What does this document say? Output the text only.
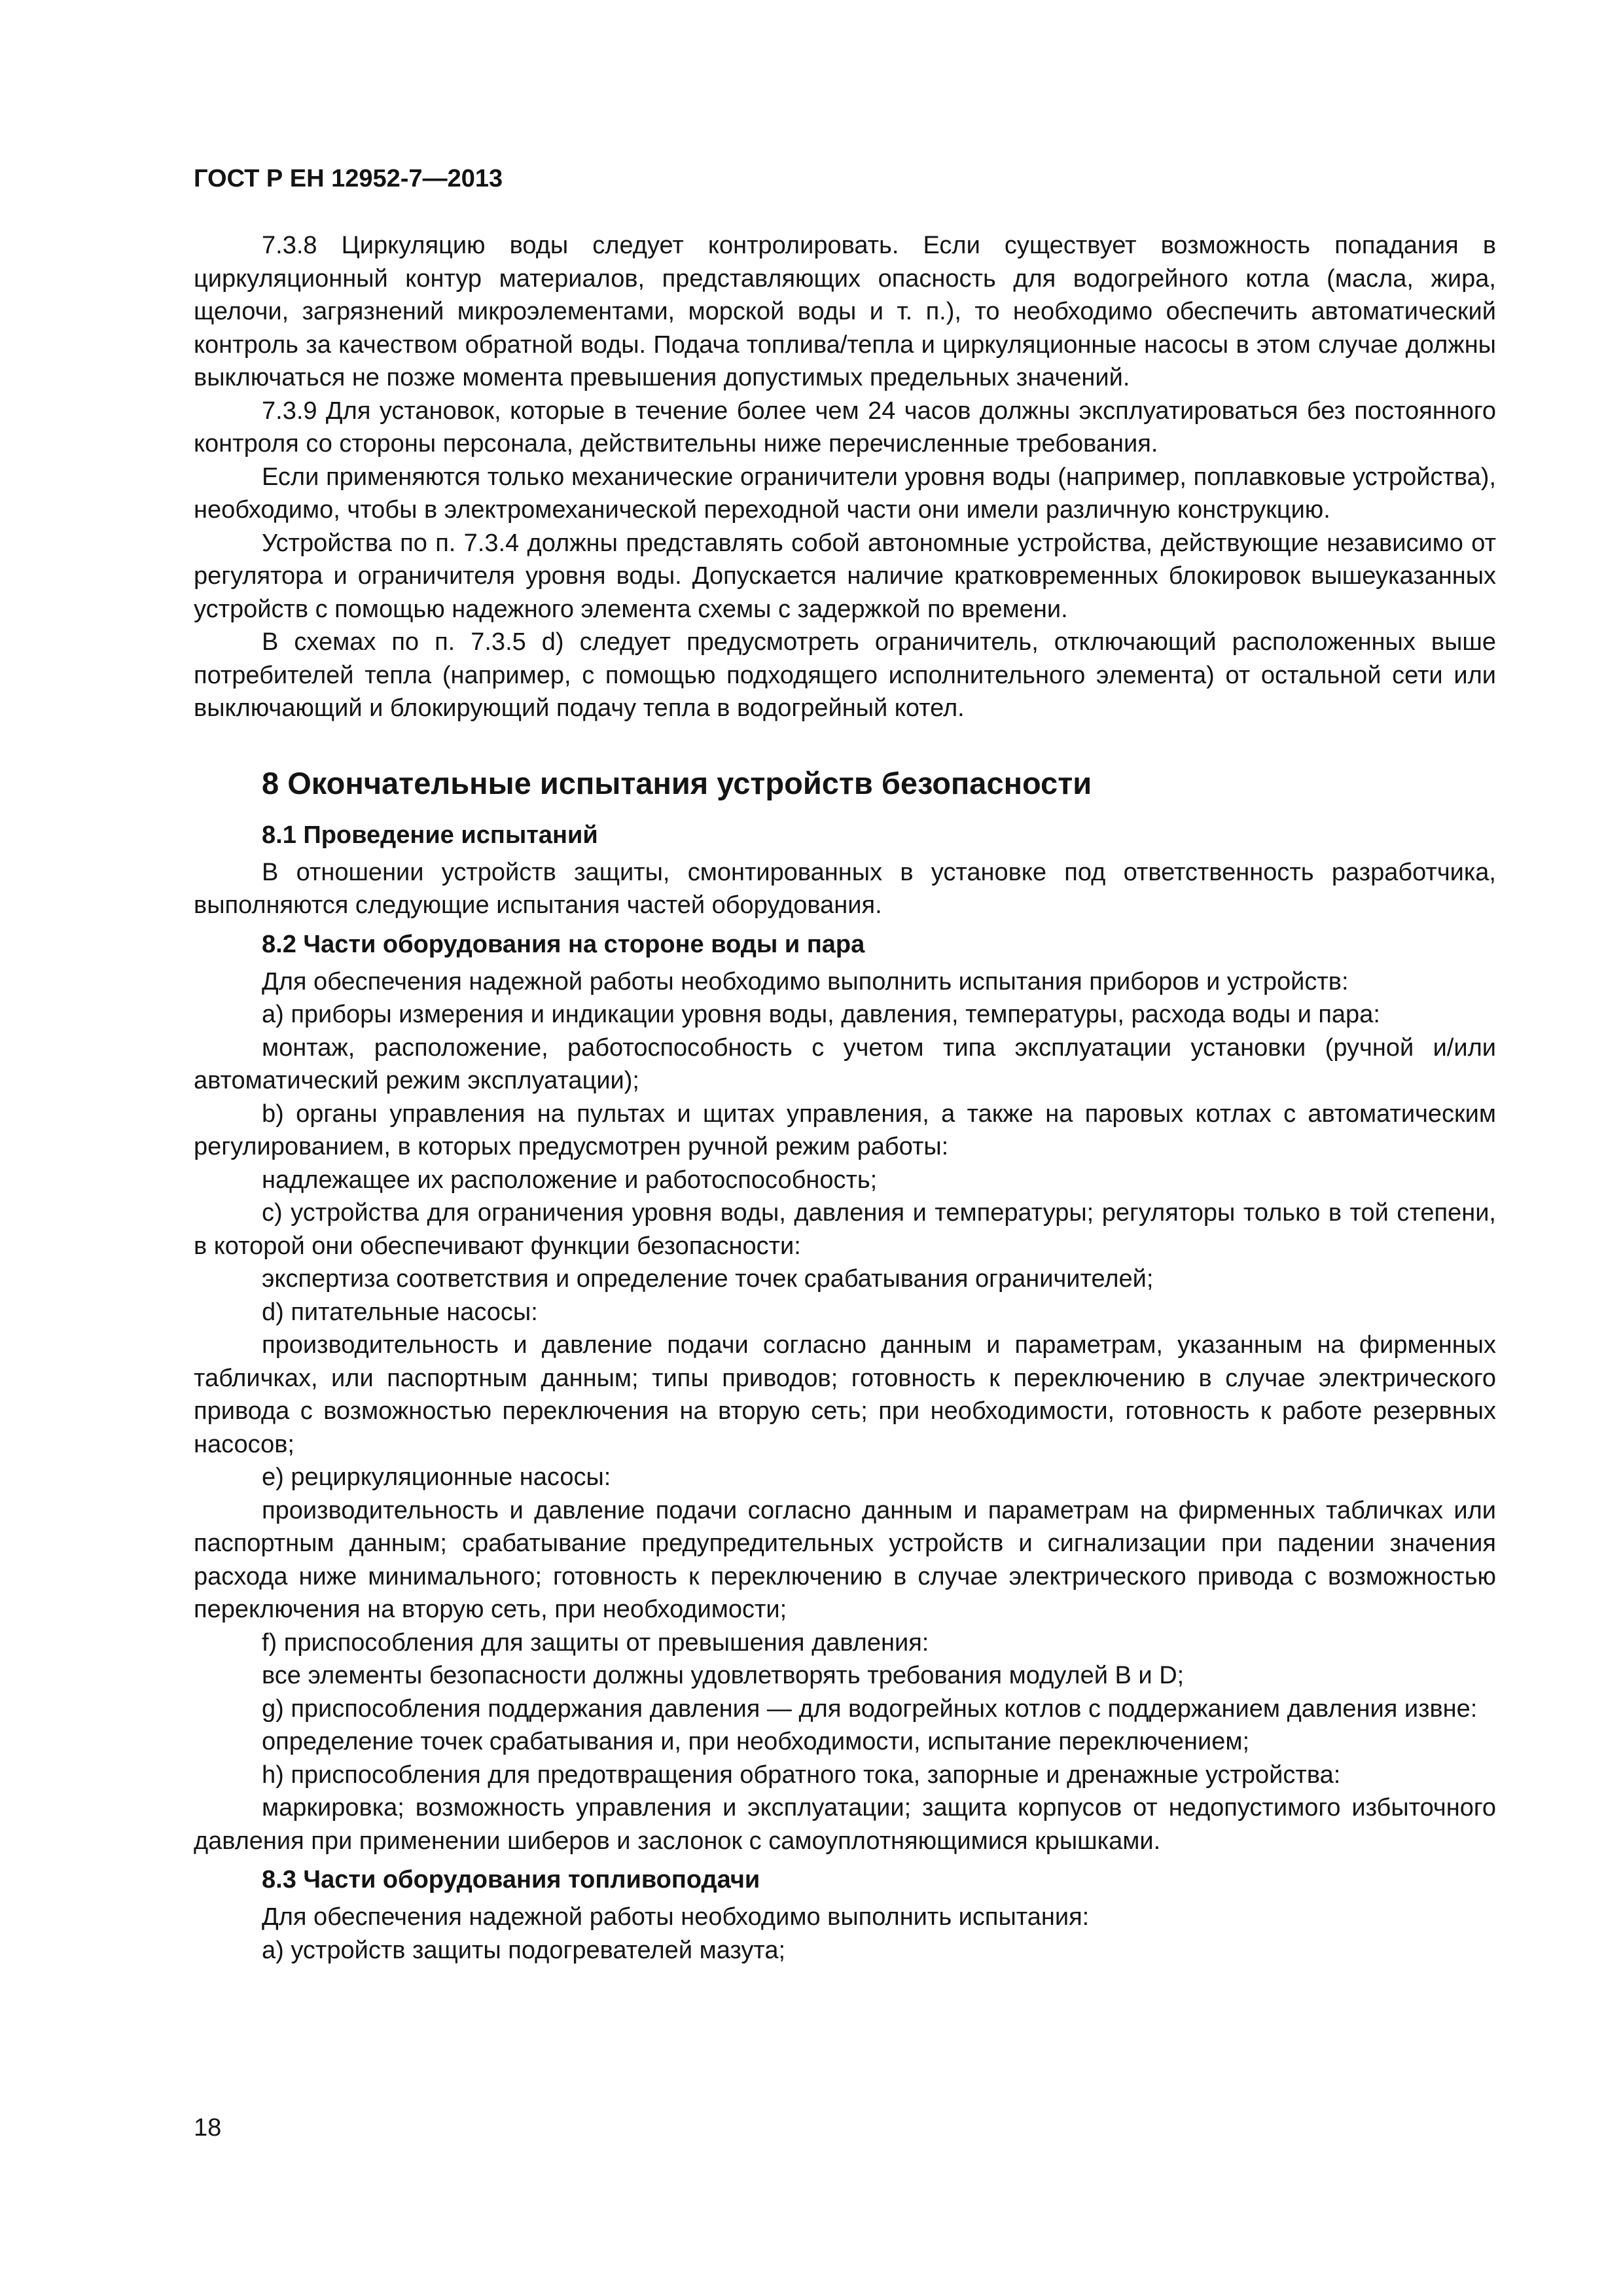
ГОСТ Р ЕН 12952-7—2013

7.3.8 Циркуляцию воды следует контролировать. Если существует возможность попадания в циркуляционный контур материалов, представляющих опасность для водогрейного котла (масла, жира, щелочи, загрязнений микроэлементами, морской воды и т. п.), то необходимо обеспечить автоматический контроль за качеством обратной воды. Подача топлива/тепла и циркуляционные насосы в этом случае должны выключаться не позже момента превышения допустимых предельных значений.

7.3.9 Для установок, которые в течение более чем 24 часов должны эксплуатироваться без постоянного контроля со стороны персонала, действительны ниже перечисленные требования.

Если применяются только механические ограничители уровня воды (например, поплавковые устройства), необходимо, чтобы в электромеханической переходной части они имели различную конструкцию.

Устройства по п. 7.3.4 должны представлять собой автономные устройства, действующие независимо от регулятора и ограничителя уровня воды. Допускается наличие кратковременных блокировок вышеуказанных устройств с помощью надежного элемента схемы с задержкой по времени.

В схемах по п. 7.3.5 d) следует предусмотреть ограничитель, отключающий расположенных выше потребителей тепла (например, с помощью подходящего исполнительного элемента) от остальной сети или выключающий и блокирующий подачу тепла в водогрейный котел.

8 Окончательные испытания устройств безопасности
8.1 Проведение испытаний

В отношении устройств защиты, смонтированных в установке под ответственность разработчика, выполняются следующие испытания частей оборудования.

8.2 Части оборудования на стороне воды и пара

Для обеспечения надежной работы необходимо выполнить испытания приборов и устройств:

a) приборы измерения и индикации уровня воды, давления, температуры, расхода воды и пара:

монтаж, расположение, работоспособность с учетом типа эксплуатации установки (ручной и/или автоматический режим эксплуатации);

b) органы управления на пультах и щитах управления, а также на паровых котлах с автоматическим регулированием, в которых предусмотрен ручной режим работы:

надлежащее их расположение и работоспособность;

c) устройства для ограничения уровня воды, давления и температуры; регуляторы только в той степени, в которой они обеспечивают функции безопасности:

экспертиза соответствия и определение точек срабатывания ограничителей;

d) питательные насосы:

производительность и давление подачи согласно данным и параметрам, указанным на фирменных табличках, или паспортным данным; типы приводов; готовность к переключению в случае электрического привода с возможностью переключения на вторую сеть; при необходимости, готовность к работе резервных насосов;

e) рециркуляционные насосы:

производительность и давление подачи согласно данным и параметрам на фирменных табличках или паспортным данным; срабатывание предупредительных устройств и сигнализации при падении значения расхода ниже минимального; готовность к переключению в случае электрического привода с возможностью переключения на вторую сеть, при необходимости;

f) приспособления для защиты от превышения давления:

все элементы безопасности должны удовлетворять требования модулей B и D;

g) приспособления поддержания давления — для водогрейных котлов с поддержанием давления извне:

определение точек срабатывания и, при необходимости, испытание переключением;

h) приспособления для предотвращения обратного тока, запорные и дренажные устройства:

маркировка; возможность управления и эксплуатации; защита корпусов от недопустимого избыточного давления при применении шиберов и заслонок с самоуплотняющимися крышками.

8.3 Части оборудования топливоподачи

Для обеспечения надежной работы необходимо выполнить испытания:

a) устройств защиты подогревателей мазута;

18
